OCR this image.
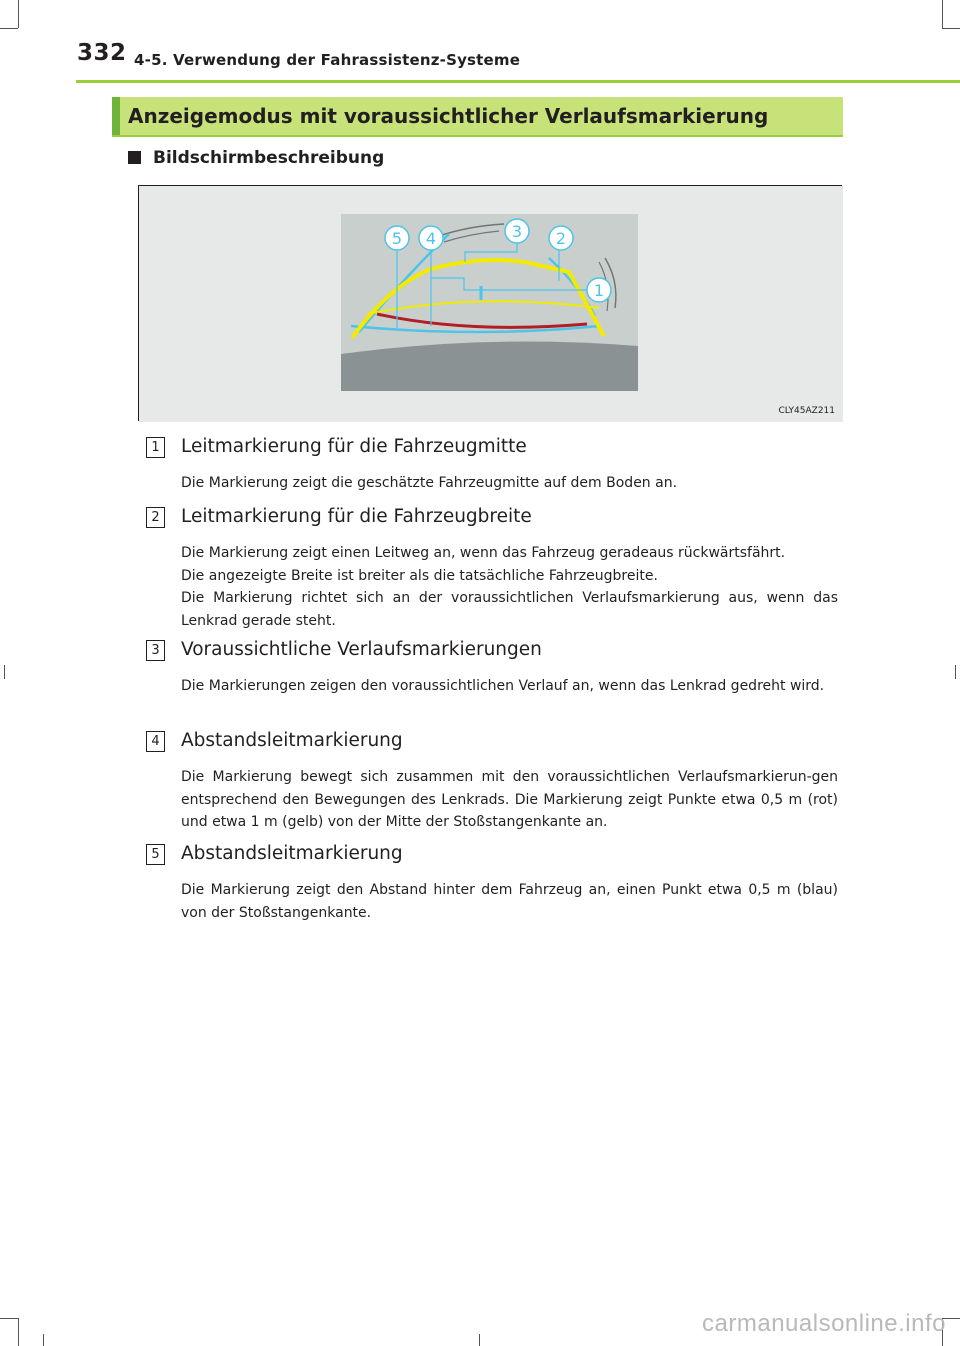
332 4-5. Verwendung der Fahrassistenz-Systeme
Anzeigemodus mit voraussichtlicher Verlaufsmarkierung
Bildschirmbeschreibung
5 4	3 2
1
CLY45AZ211
1 Leitmarkierung für die Fahrzeugmitte
Die Markierung zeigt die geschätzte Fahrzeugmitte auf dem Boden an.
2 Leitmarkierung für die Fahrzeugbreite
Die Markierung zeigt einen Leitweg an, wenn das Fahrzeug geradeaus rückwärtsfährt.
Die angezeigte Breite ist breiter als die tatsächliche Fahrzeugbreite.
Die Markierung richtet sich an der voraussichtlichen Verlaufsmarkierung aus, wenn das Lenkrad gerade steht.
3 Voraussichtliche Verlaufsmarkierungen
Die Markierungen zeigen den voraussichtlichen Verlauf an, wenn das Lenkrad gedreht wird.
4 Abstandsleitmarkierung
Die Markierung bewegt sich zusammen mit den voraussichtlichen Verlaufsmarkierun-gen entsprechend den Bewegungen des Lenkrads. Die Markierung zeigt Punkte etwa 0,5 m (rot) und etwa 1 m (gelb) von der Mitte der Stoßstangenkante an.
5 Abstandsleitmarkierung
Die Markierung zeigt den Abstand hinter dem Fahrzeug an, einen Punkt etwa 0,5 m (blau) von der Stoßstangenkante.
carmanualsonline.info
